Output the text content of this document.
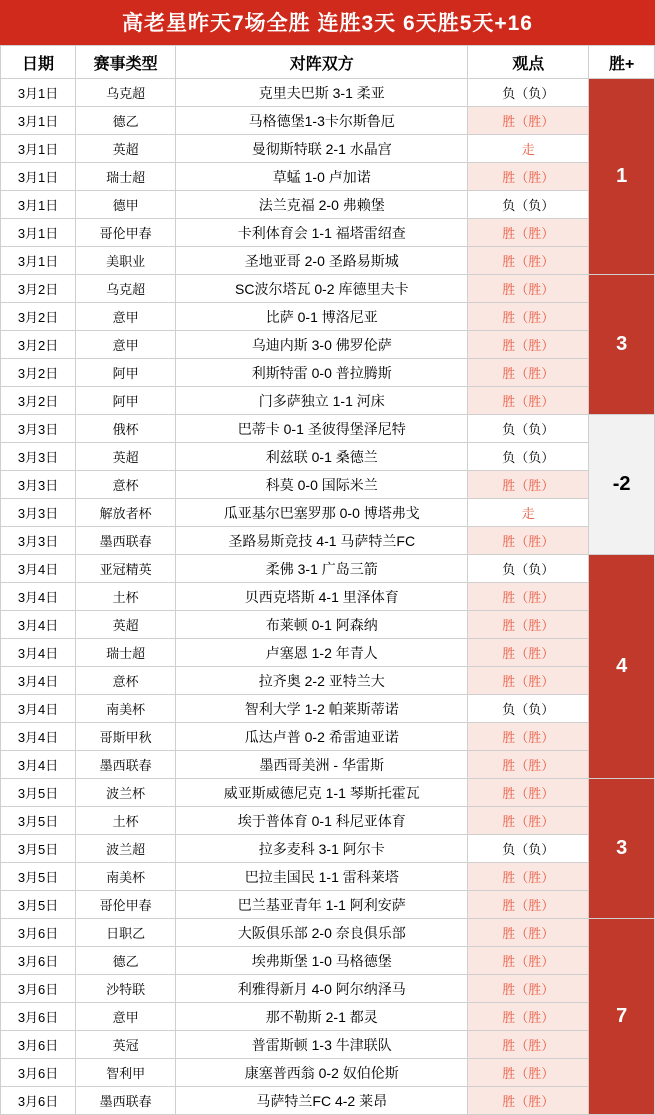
高老星昨天7场全胜 连胜3天 6天胜5天+16
日期	赛事类型	对阵双方	观点	胜+
3月1日	乌克超	克里夫巴斯 3-1 柔亚	负（负）	1
3月1日	德乙	马格德堡1-3卡尔斯鲁厄	胜（胜）	
3月1日	英超	曼彻斯特联 2-1 水晶宫	走	
3月1日	瑞士超	草蜢 1-0 卢加诺	胜（胜）	
3月1日	德甲	法兰克福 2-0 弗赖堡	负（负）	
3月1日	哥伦甲春	卡利体育会 1-1 福塔雷绍查	胜（胜）	
3月1日	美职业	圣地亚哥 2-0 圣路易斯城	胜（胜）	
3月2日	乌克超	SC波尔塔瓦 0-2 库德里夫卡	胜（胜）	3
3月2日	意甲	比萨 0-1 博洛尼亚	胜（胜）	
3月2日	意甲	乌迪内斯 3-0 佛罗伦萨	胜（胜）	
3月2日	阿甲	利斯特雷 0-0 普拉腾斯	胜（胜）	
3月2日	阿甲	门多萨独立 1-1 河床	胜（胜）	
3月3日	俄杯	巴蒂卡 0-1 圣彼得堡泽尼特	负（负）	-2
3月3日	英超	利兹联 0-1 桑德兰	负（负）	
3月3日	意杯	科莫 0-0 国际米兰	胜（胜）	
3月3日	解放者杯	瓜亚基尔巴塞罗那 0-0 博塔弗戈	走	
3月3日	墨西联春	圣路易斯竞技 4-1 马萨特兰FC	胜（胜）	
3月4日	亚冠精英	柔佛 3-1 广岛三箭	负（负）	4
3月4日	土杯	贝西克塔斯 4-1 里泽体育	胜（胜）	
3月4日	英超	布莱顿 0-1 阿森纳	胜（胜）	
3月4日	瑞士超	卢塞恩 1-2 年青人	胜（胜）	
3月4日	意杯	拉齐奥 2-2 亚特兰大	胜（胜）	
3月4日	南美杯	智利大学 1-2 帕莱斯蒂诺	负（负）	
3月4日	哥斯甲秋	瓜达卢普 0-2 希雷迪亚诺	胜（胜）	
3月4日	墨西联春	墨西哥美洲 - 华雷斯	胜（胜）	
3月5日	波兰杯	威亚斯威德尼克 1-1 琴斯托霍瓦	胜（胜）	3
3月5日	土杯	埃于普体育 0-1 科尼亚体育	胜（胜）	
3月5日	波兰超	拉多麦科 3-1 阿尔卡	负（负）	
3月5日	南美杯	巴拉圭国民 1-1 雷科莱塔	胜（胜）	
3月5日	哥伦甲春	巴兰基亚青年 1-1 阿利安萨	胜（胜）	
3月6日	日职乙	大阪俱乐部 2-0 奈良俱乐部	胜（胜）	7
3月6日	德乙	埃弗斯堡 1-0 马格德堡	胜（胜）	
3月6日	沙特联	利雅得新月 4-0 阿尔纳泽马	胜（胜）	
3月6日	意甲	那不勒斯 2-1 都灵	胜（胜）	
3月6日	英冠	普雷斯顿 1-3 牛津联队	胜（胜）	
3月6日	智利甲	康塞普西翁 0-2 奴伯伦斯	胜（胜）	
3月6日	墨西联春	马萨特兰FC 4-2 莱昂	胜（胜）	
